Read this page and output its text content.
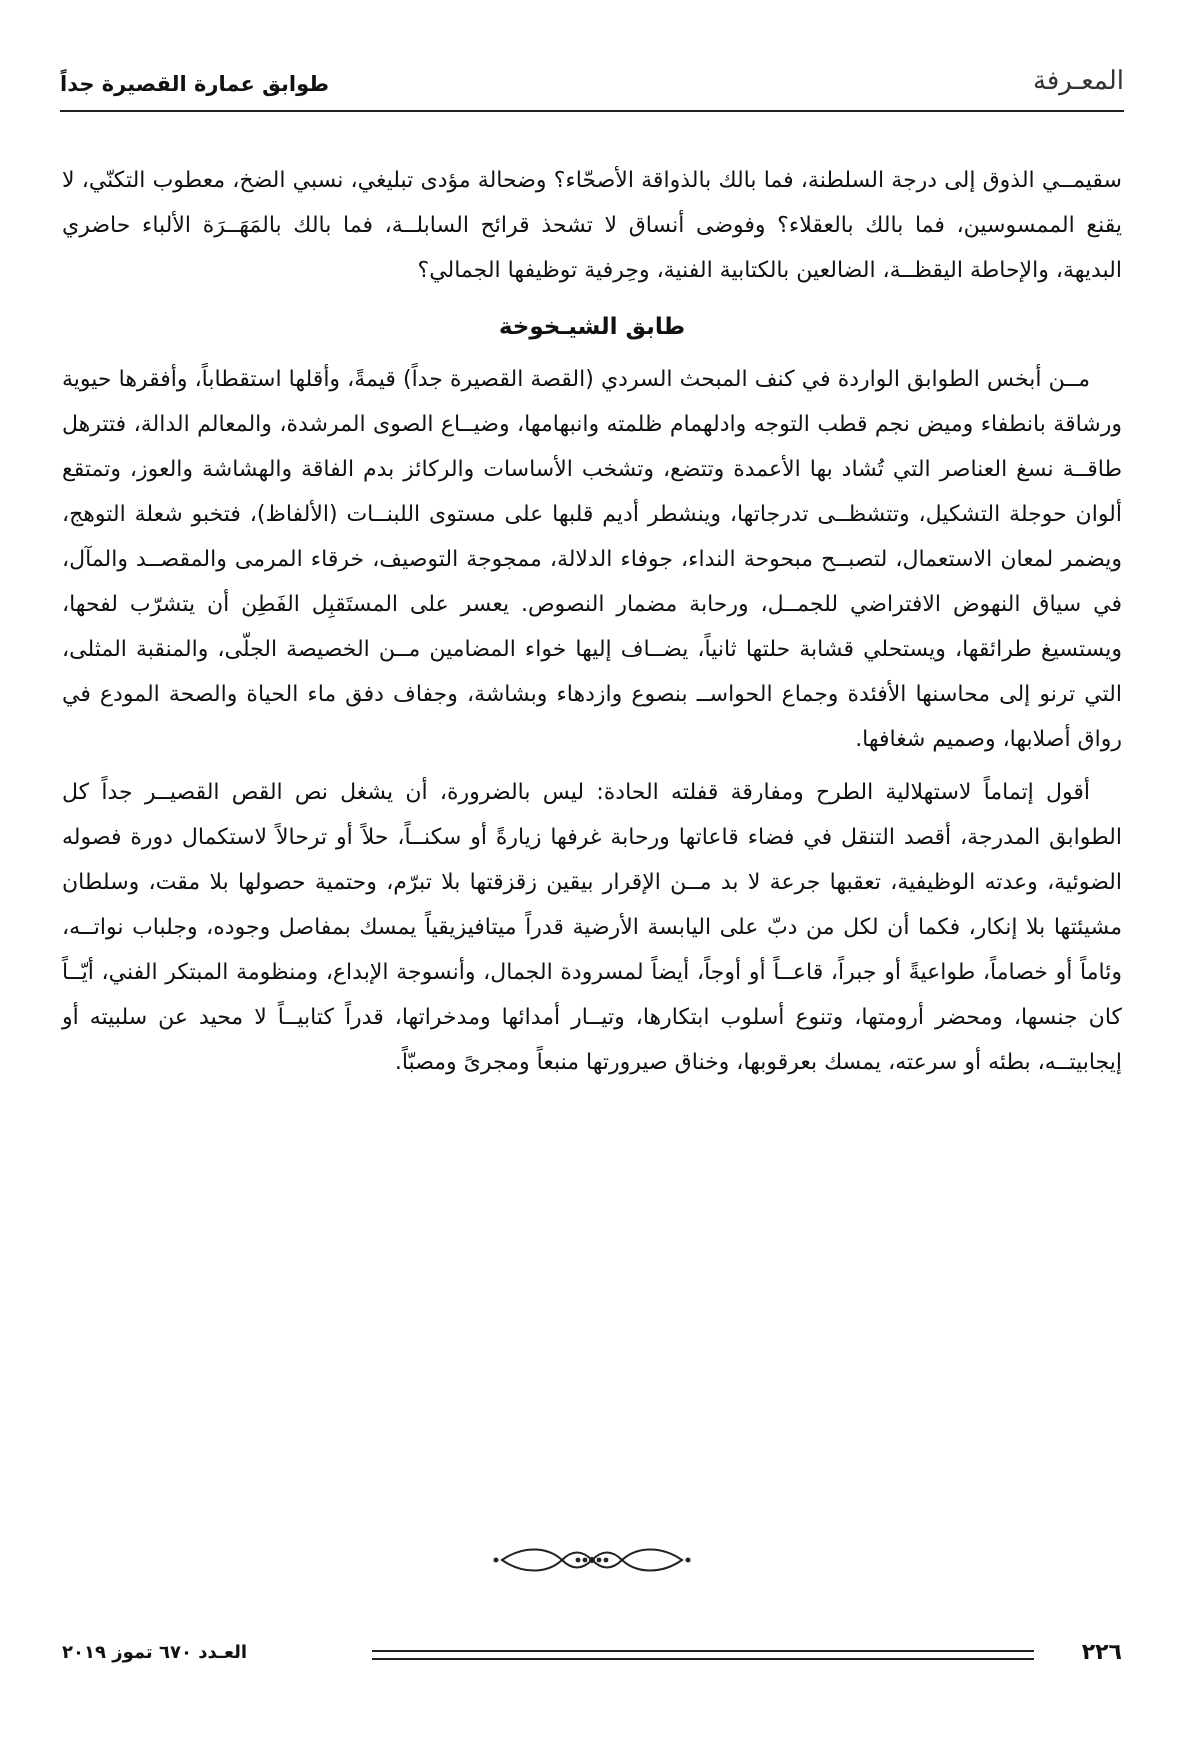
المعـرفة
طوابق عمارة القصيرة جداً

سقيمــي الذوق إلى درجة السلطنة، فما بالك بالذواقة الأصحّاء؟ وضحالة مؤدى تبليغي، نسبي الضخ، معطوب التكنّي، لا يقنع الممسوسين، فما بالك بالعقلاء؟ وفوضى أنساق لا تشحذ قرائح السابلــة، فما بالك بالمَهَــرَة الألباء حاضري البديهة، والإحاطة اليقظــة، الضالعين بالكتابية الفنية، وحِرفية توظيفها الجمالي؟

طابق الشيـخوخة

مــن أبخس الطوابق الواردة في كنف المبحث السردي (القصة القصيرة جداً) قيمةً، وأقلها استقطاباً، وأفقرها حيوية ورشاقة بانطفاء وميض نجم قطب التوجه وادلهمام ظلمته وانبهامها، وضيــاع الصوى المرشدة، والمعالم الدالة، فتترهل طاقــة نسغ العناصر التي تُشاد بها الأعمدة وتتضع، وتشخب الأساسات والركائز بدم الفاقة والهشاشة والعوز، وتمتقع ألوان حوجلة التشكيل، وتتشظــى تدرجاتها، وينشطر أديم قلبها على مستوى اللبنــات (الألفاظ)، فتخبو شعلة التوهج، ويضمر لمعان الاستعمال، لتصبــح مبحوحة النداء، جوفاء الدلالة، ممجوجة التوصيف، خرقاء المرمى والمقصــد والمآل، في سياق النهوض الافتراضي للجمــل، ورحابة مضمار النصوص. يعسر على المستَقبِل الفَطِن أن يتشرّب لفحها، ويستسيغ طرائقها، ويستحلي قشابة حلتها ثانياً، يضــاف إليها خواء المضامين مــن الخصيصة الجلّى، والمنقبة المثلى، التي ترنو إلى محاسنها الأفئدة وجماع الحواســ بنصوع وازدهاء وبشاشة، وجفاف دفق ماء الحياة والصحة المودع في رواق أصلابها، وصميم شغافها.

أقول إتماماً لاستهلالية الطرح ومفارقة قفلته الحادة: ليس بالضرورة، أن يشغل نص القص القصيــر جداً كل الطوابق المدرجة، أقصد التنقل في فضاء قاعاتها ورحابة غرفها زيارةً أو سكنــاً، حلاً أو ترحالاً لاستكمال دورة فصوله الضوئية، وعدته الوظيفية، تعقبها جرعة لا بد مــن الإقرار بيقين زقزقتها بلا تبرّم، وحتمية حصولها بلا مقت، وسلطان مشيئتها بلا إنكار، فكما أن لكل من دبّ على اليابسة الأرضية قدراً ميتافيزيقياً يمسك بمفاصل وجوده، وجلباب نواتــه، وئاماً أو خصاماً، طواعيةً أو جبراً، قاعــاً أو أوجاً، أيضاً لمسرودة الجمال، وأنسوجة الإبداع، ومنظومة المبتكر الفني، أيّــاً كان جنسها، ومحضر أرومتها، وتنوع أسلوب ابتكارها، وتيــار أمدائها ومدخراتها، قدراً كتابيــاً لا محيد عن سلبيته أو إيجابيتــه، بطئه أو سرعته، يمسك بعرقوبها، وخناق صيرورتها منبعاً ومجرىً ومصبّاً.

٢٢٦
العـدد ٦٧٠ تموز ٢٠١٩
